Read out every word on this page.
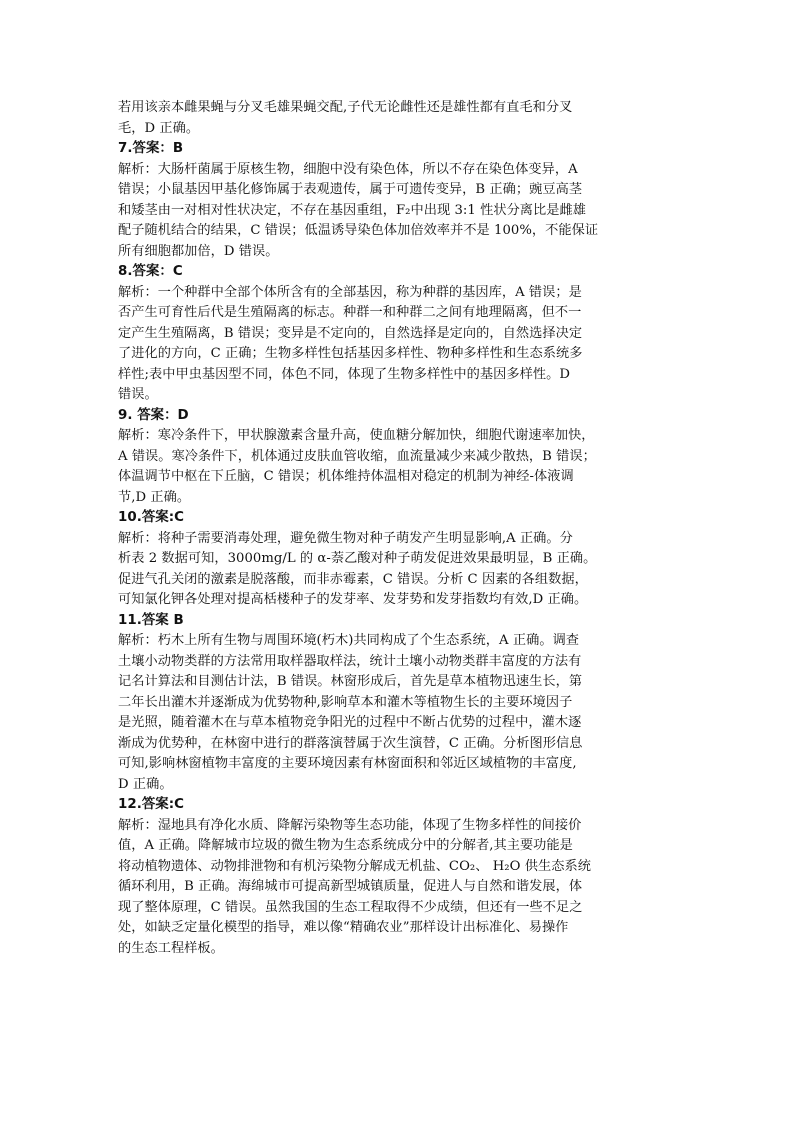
若用该亲本雌果蝇与分叉毛雄果蝇交配,子代无论雌性还是雄性都有直毛和分叉
毛，D 正确。
7.答案：B
解析：大肠杆菌属于原核生物，细胞中没有染色体，所以不存在染色体变异，A
错误；小鼠基因甲基化修饰属于表观遗传，属于可遗传变异，B 正确；豌豆高茎
和矮茎由一对相对性状决定，不存在基因重组，F₂中出现 3:1 性状分离比是雌雄
配子随机结合的结果，C 错误；低温诱导染色体加倍效率并不是 100%，不能保证
所有细胞都加倍，D 错误。
8.答案：C
解析：一个种群中全部个体所含有的全部基因，称为种群的基因库，A 错误；是
否产生可育性后代是生殖隔离的标志。种群一和种群二之间有地理隔离，但不一
定产生生殖隔离，B 错误；变异是不定向的，自然选择是定向的，自然选择决定
了进化的方向，C 正确；生物多样性包括基因多样性、物种多样性和生态系统多
样性;表中甲虫基因型不同，体色不同，体现了生物多样性中的基因多样性。D
错误。
9. 答案：D
解析：寒冷条件下，甲状腺激素含量升高，使血糖分解加快，细胞代谢速率加快，
A 错误。寒冷条件下，机体通过皮肤血管收缩，血流量减少来减少散热，B 错误；
体温调节中枢在下丘脑，C 错误；机体维持体温相对稳定的机制为神经-体液调
节,D 正确。
10.答案:C
解析：将种子需要消毒处理，避免微生物对种子萌发产生明显影响,A 正确。分
析表 2 数据可知，3000mg/L 的 α-萘乙酸对种子萌发促进效果最明显，B 正确。
促进气孔关闭的激素是脱落酸，而非赤霉素，C 错误。分析 C 因素的各组数据，
可知氯化钾各处理对提高栝楼种子的发芽率、发芽势和发芽指数均有效,D 正确。
11.答案 B
解析：朽木上所有生物与周围环境(朽木)共同构成了个生态系统，A 正确。调查
土壤小动物类群的方法常用取样器取样法，统计土壤小动物类群丰富度的方法有
记名计算法和目测估计法，B 错误。林窗形成后，首先是草本植物迅速生长，第
二年长出灌木并逐渐成为优势物种,影响草本和灌木等植物生长的主要环境因子
是光照，随着灌木在与草本植物竞争阳光的过程中不断占优势的过程中，灌木逐
渐成为优势种，在林窗中进行的群落演替属于次生演替，C 正确。分析图形信息
可知,影响林窗植物丰富度的主要环境因素有林窗面积和邻近区域植物的丰富度,
D 正确。
12.答案:C
解析：湿地具有净化水质、降解污染物等生态功能，体现了生物多样性的间接价
值，A 正确。降解城市垃圾的微生物为生态系统成分中的分解者,其主要功能是
将动植物遗体、动物排泄物和有机污染物分解成无机盐、CO₂、 H₂O 供生态系统
循环利用，B 正确。海绵城市可提高新型城镇质量，促进人与自然和谐发展，体
现了整体原理，C 错误。虽然我国的生态工程取得不少成绩，但还有一些不足之
处，如缺乏定量化模型的指导，难以像“精确农业”那样设计出标准化、易操作
的生态工程样板。
